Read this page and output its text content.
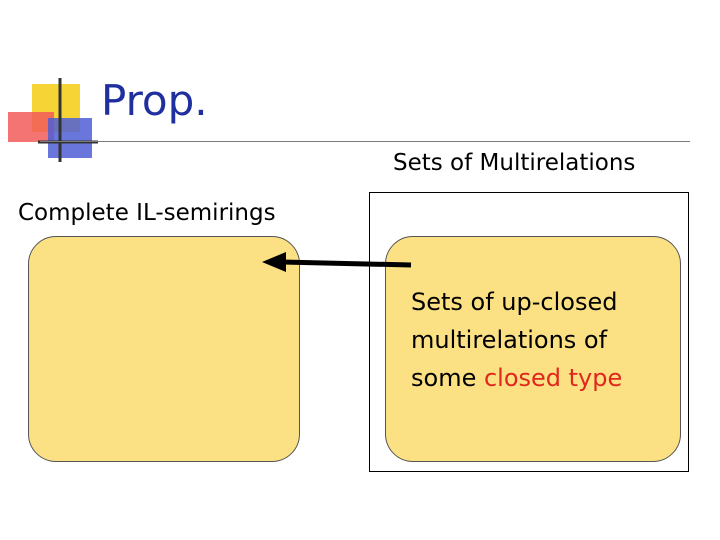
Prop.
Sets of Multirelations
Complete IL-semirings
Sets of up-closed
multirelations of
some closed type
